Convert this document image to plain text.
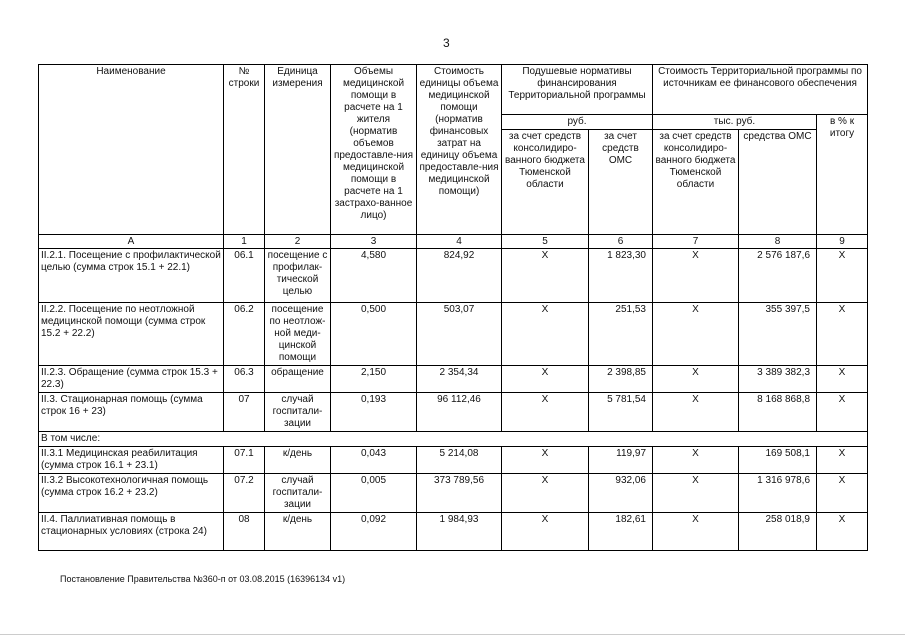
3
Наименование	№ строки	Единица измерения	Объемы медицинской помощи в расчете на 1 жителя (норматив объемов предоставле-ния медицинской помощи в расчете на 1 застрахо-ванное лицо)	Стоимость единицы объема медицинской помощи (норматив финансовых затрат на единицу объема предоставле-ния медицинской помощи)	Подушевые нормативы финансирования Территориальной программы		Стоимость Территориальной программы по источникам ее финансового обеспечения		
					руб.		тыс. руб.		в % к итогу
					за счет средств консолидиро-ванного бюджета Тюменской области	за счет средств ОМС	за счет средств консолидиро-ванного бюджета Тюменской области	средства ОМС	
А	1	2	3	4	5	6	7	8	9
II.2.1. Посещение с профилактической целью (сумма строк 15.1 + 22.1)	06.1	посещение с профилак-тической целью	4,580	824,92	X	1 823,30	X	2 576 187,6	X
II.2.2. Посещение по неотложной медицинской помощи (сумма строк 15.2 + 22.2)	06.2	посещение по неотлож-ной меди-цинской помощи	0,500	503,07	X	251,53	X	355 397,5	X
II.2.3. Обращение (сумма строк 15.3 + 22.3)	06.3	обращение	2,150	2 354,34	X	2 398,85	X	3 389 382,3	X
II.3. Стационарная помощь (сумма строк 16 + 23)	07	случай госпитали-зации	0,193	96 112,46	X	5 781,54	X	8 168 868,8	X
В том числе:									
II.3.1 Медицинская реабилитация (сумма строк 16.1 + 23.1)	07.1	к/день	0,043	5 214,08	X	119,97	X	169 508,1	X
II.3.2 Высокотехнологичная помощь (сумма строк 16.2 + 23.2)	07.2	случай госпитали-зации	0,005	373 789,56	X	932,06	X	1 316 978,6	X
II.4. Паллиативная помощь в стационарных условиях (строка 24)	08	к/день	0,092	1 984,93	X	182,61	X	258 018,9	X
Постановление Правительства №360-п от 03.08.2015 (16396134 v1)
